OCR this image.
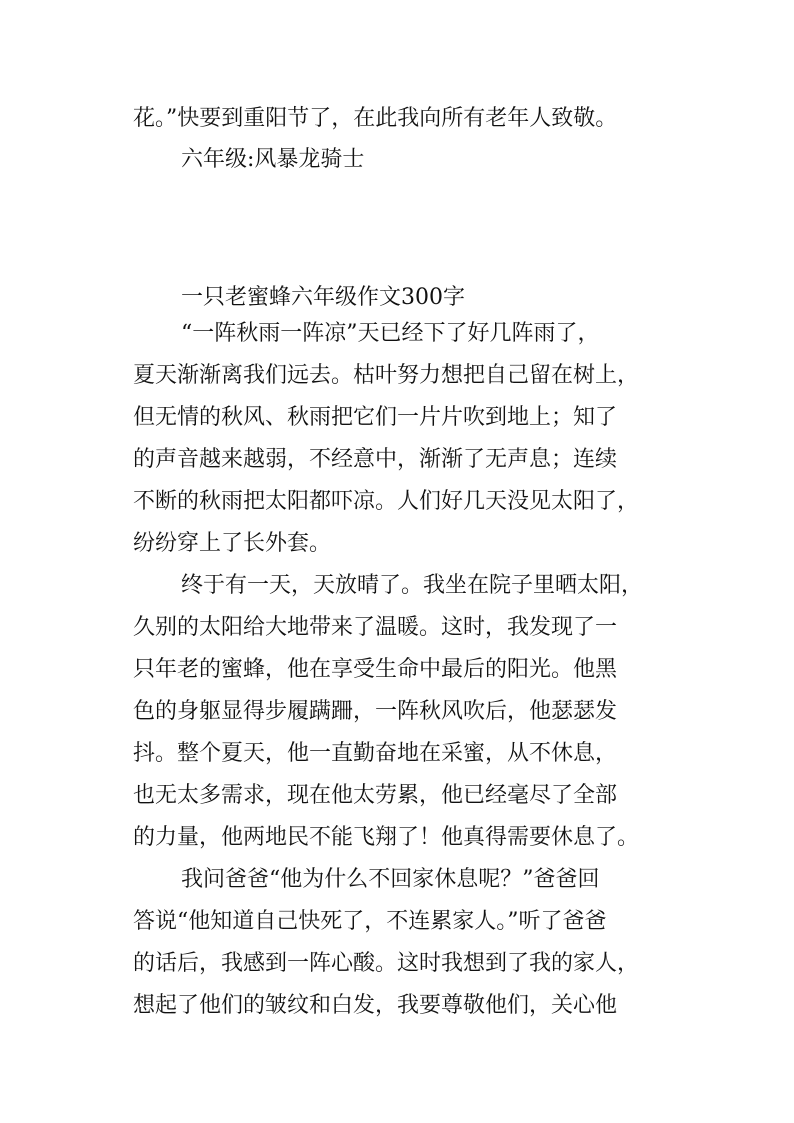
花。”快要到重阳节了，在此我向所有老年人致敬。
六年级:风暴龙骑士
一只老蜜蜂六年级作文300字
“一阵秋雨一阵凉”天已经下了好几阵雨了，
夏天渐渐离我们远去。枯叶努力想把自己留在树上，
但无情的秋风、秋雨把它们一片片吹到地上；知了
的声音越来越弱，不经意中，渐渐了无声息；连续
不断的秋雨把太阳都吓凉。人们好几天没见太阳了，
纷纷穿上了长外套。
终于有一天，天放晴了。我坐在院子里晒太阳，
久别的太阳给大地带来了温暖。这时，我发现了一
只年老的蜜蜂，他在享受生命中最后的阳光。他黑
色的身躯显得步履蹒跚，一阵秋风吹后，他瑟瑟发
抖。整个夏天，他一直勤奋地在采蜜，从不休息，
也无太多需求，现在他太劳累，他已经毫尽了全部
的力量，他两地民不能飞翔了！他真得需要休息了。
我问爸爸“他为什么不回家休息呢？”爸爸回
答说“他知道自己快死了，不连累家人。”听了爸爸
的话后，我感到一阵心酸。这时我想到了我的家人，
想起了他们的皱纹和白发，我要尊敬他们，关心他
